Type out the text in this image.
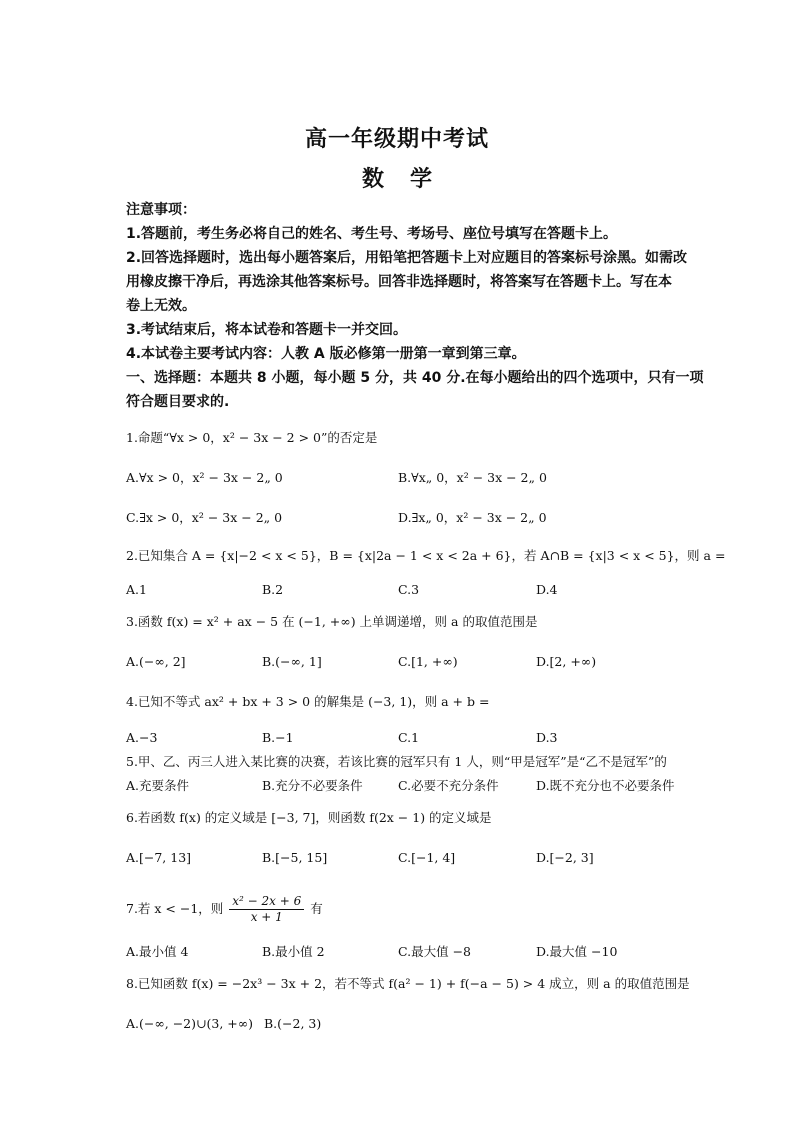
高一年级期中考试
数学
注意事项：
1.答题前，考生务必将自己的姓名、考生号、考场号、座位号填写在答题卡上。
2.回答选择题时，选出每小题答案后，用铅笔把答题卡上对应题目的答案标号涂黑。如需改
用橡皮擦干净后，再选涂其他答案标号。回答非选择题时，将答案写在答题卡上。写在本
卷上无效。
3.考试结束后，将本试卷和答题卡一并交回。
4.本试卷主要考试内容：人教 A 版必修第一册第一章到第三章。
一、选择题：本题共 8 小题，每小题 5 分，共 40 分.在每小题给出的四个选项中，只有一项
符合题目要求的.
1.命题“∀x > 0，x² − 3x − 2 > 0”的否定是
A.∀x > 0，x² − 3x − 2„ 0	B.∀x„ 0，x² − 3x − 2„ 0
C.∃x > 0，x² − 3x − 2„ 0	D.∃x„ 0，x² − 3x − 2„ 0
2.已知集合 A = {x|−2 < x < 5}，B = {x|2a − 1 < x < 2a + 6}，若 A∩B = {x|3 < x < 5}，则 a =
A.1	B.2	C.3	D.4
3.函数 f(x) = x² + ax − 5 在 (−1, +∞) 上单调递增，则 a 的取值范围是
A.(−∞, 2]	B.(−∞, 1]	C.[1, +∞)	D.[2, +∞)
4.已知不等式 ax² + bx + 3 > 0 的解集是 (−3, 1)，则 a + b =
A.−3	B.−1	C.1	D.3
5.甲、乙、丙三人进入某比赛的决赛，若该比赛的冠军只有 1 人，则“甲是冠军”是“乙不是冠军”的
A.充要条件	B.充分不必要条件	C.必要不充分条件	D.既不充分也不必要条件
6.若函数 f(x) 的定义域是 [−3, 7]，则函数 f(2x − 1) 的定义域是
A.[−7, 13]	B.[−5, 15]	C.[−1, 4]	D.[−2, 3]
7.若 x < −1，则 $\frac{\text{x² − 2x + 6}}{x + 1}$ 有
A.最小值 4	B.最小值 2	C.最大值 −8	D.最大值 −10
8.已知函数 f(x) = −2x³ − 3x + 2，若不等式 f(a² − 1) + f(−a − 5) > 4 成立，则 a 的取值范围是
A.(−∞, −2)∪(3, +∞) B.(−2, 3)
